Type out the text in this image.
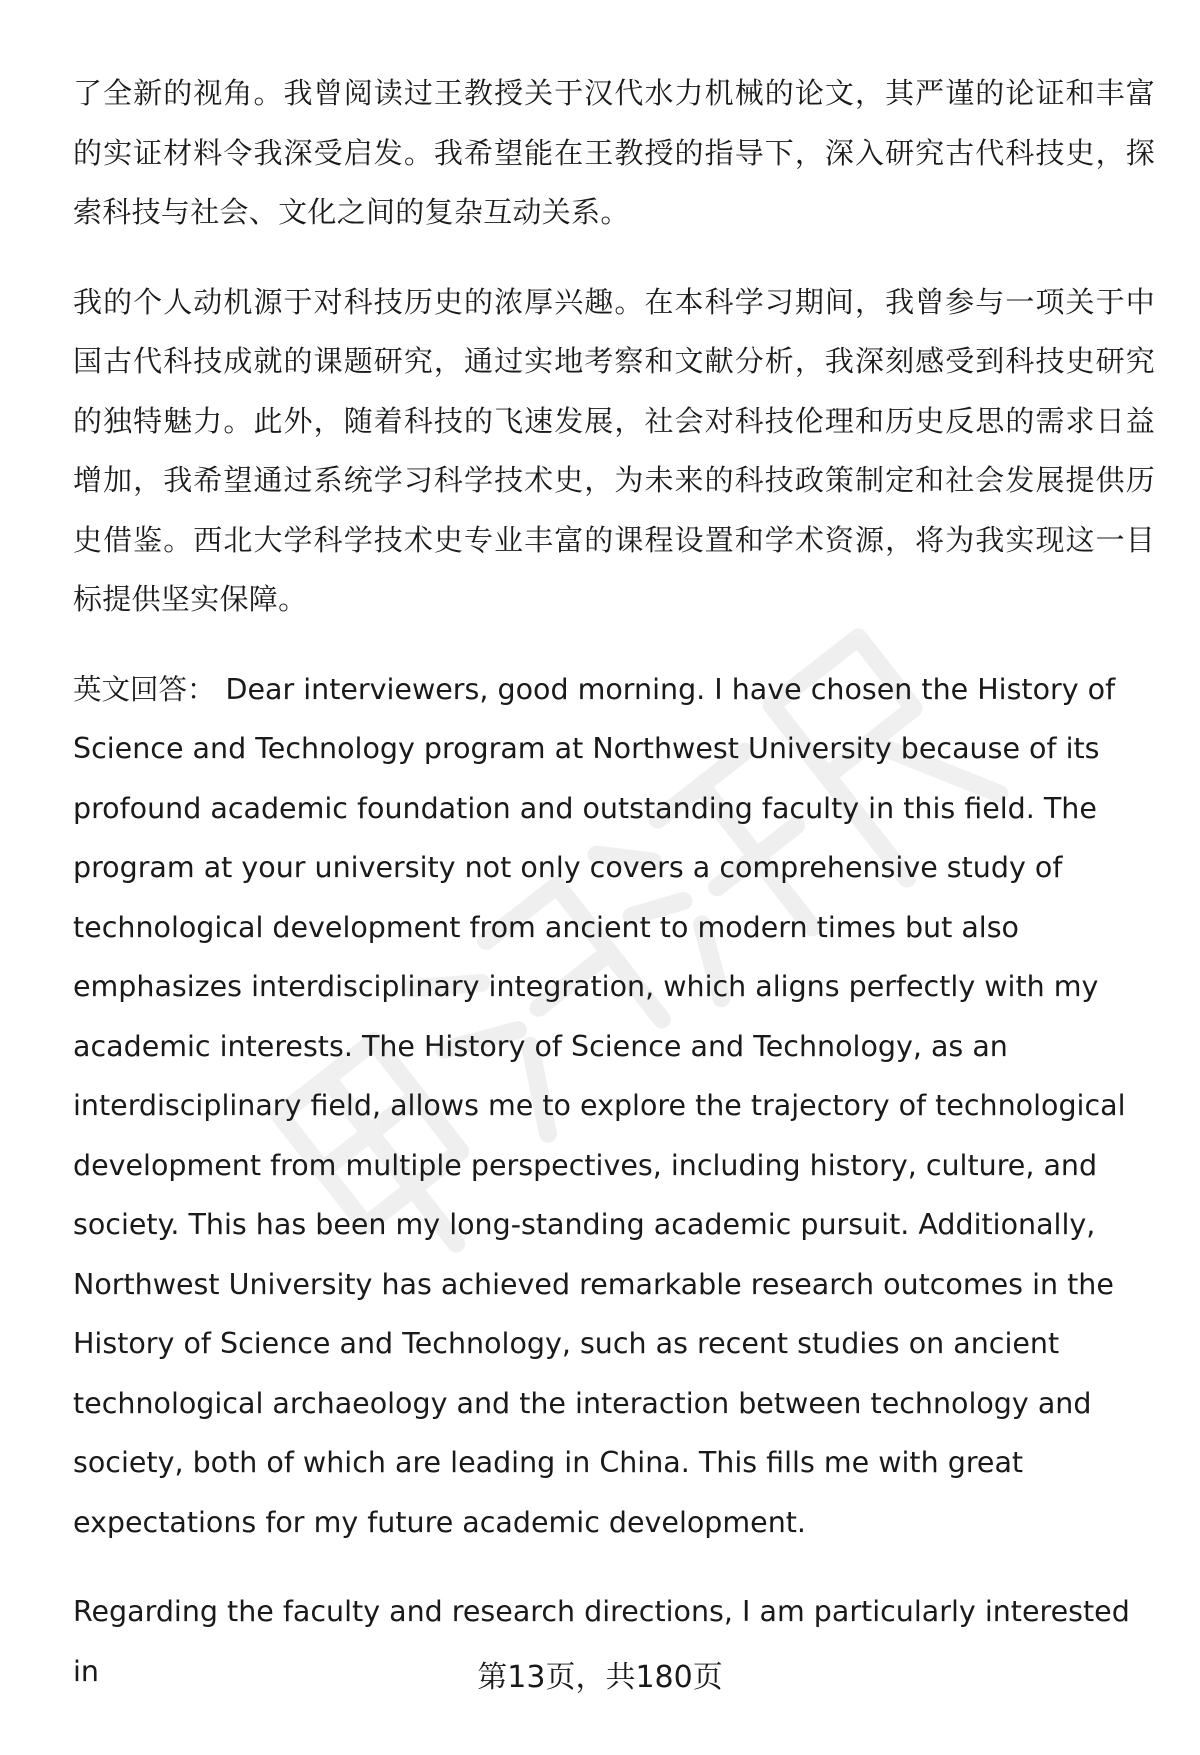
了全新的视角。我曾阅读过王教授关于汉代水力机械的论文，其严谨的论证和丰富的实证材料令我深受启发。我希望能在王教授的指导下，深入研究古代科技史，探索科技与社会、文化之间的复杂互动关系。

我的个人动机源于对科技历史的浓厚兴趣。在本科学习期间，我曾参与一项关于中国古代科技成就的课题研究，通过实地考察和文献分析，我深刻感受到科技史研究的独特魅力。此外，随着科技的飞速发展，社会对科技伦理和历史反思的需求日益增加，我希望通过系统学习科学技术史，为未来的科技政策制定和社会发展提供历史借鉴。西北大学科学技术史专业丰富的课程设置和学术资源，将为我实现这一目标提供坚实保障。

英文回答： Dear interviewers, good morning. I have chosen the History of Science and Technology program at Northwest University because of its profound academic foundation and outstanding faculty in this field. The program at your university not only covers a comprehensive study of technological development from ancient to modern times but also emphasizes interdisciplinary integration, which aligns perfectly with my academic interests. The History of Science and Technology, as an interdisciplinary field, allows me to explore the trajectory of technological development from multiple perspectives, including history, culture, and society. This has been my long-standing academic pursuit. Additionally, Northwest University has achieved remarkable research outcomes in the History of Science and Technology, such as recent studies on ancient technological archaeology and the interaction between technology and society, both of which are leading in China. This fills me with great expectations for my future academic development.

Regarding the faculty and research directions, I am particularly interested in	第13页，共180页
